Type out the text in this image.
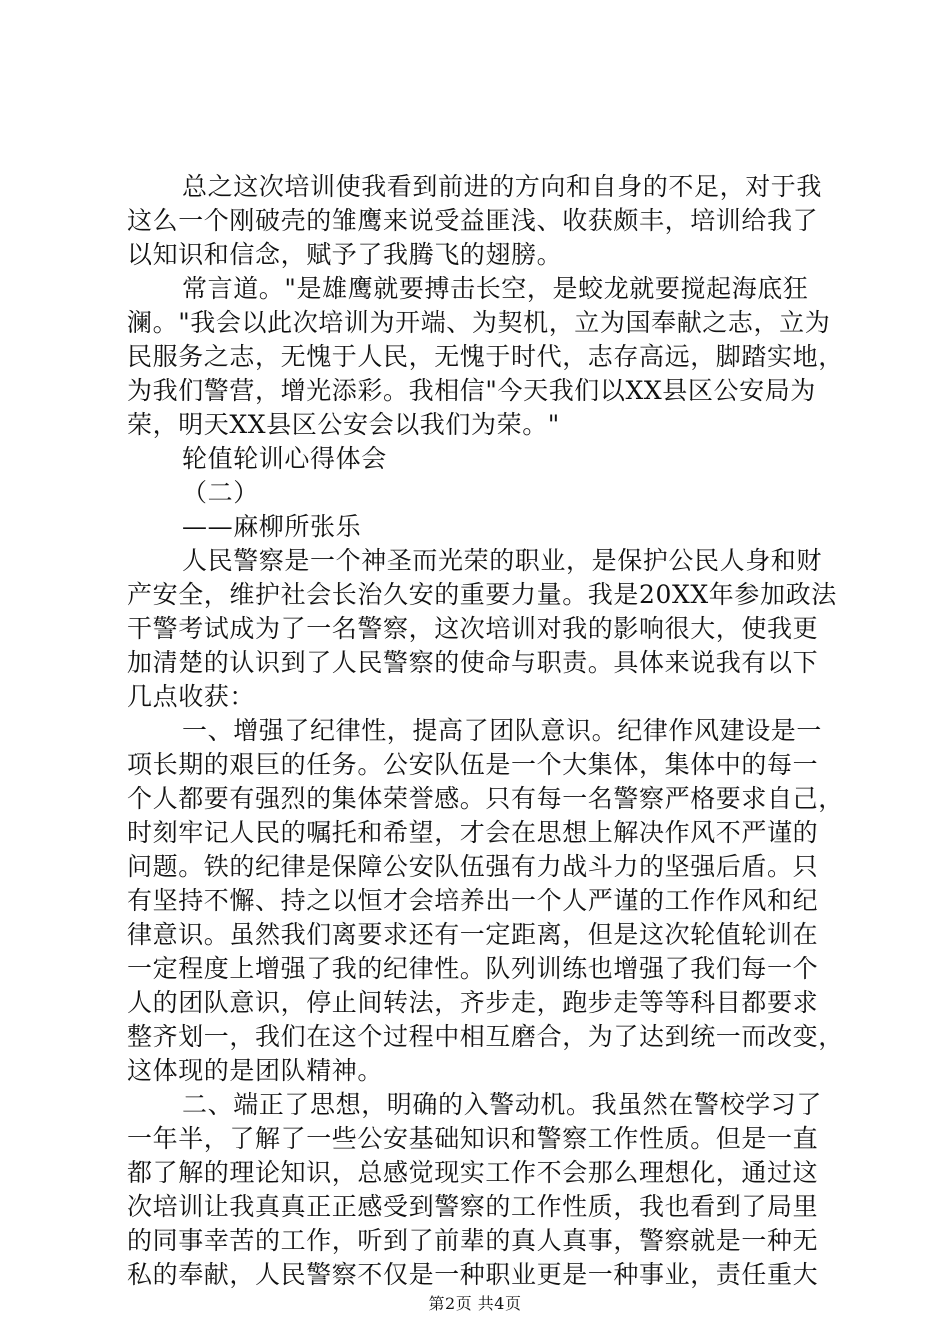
总之这次培训使我看到前进的方向和自身的不足，对于我
这么一个刚破壳的雏鹰来说受益匪浅、收获颇丰，培训给我了
以知识和信念，赋予了我腾飞的翅膀。
常言道。"是雄鹰就要搏击长空，是蛟龙就要搅起海底狂
澜。"我会以此次培训为开端、为契机，立为国奉献之志，立为
民服务之志，无愧于人民，无愧于时代，志存高远，脚踏实地，
为我们警营，增光添彩。我相信"今天我们以XX县区公安局为
荣，明天XX县区公安会以我们为荣。"
轮值轮训心得体会
（二）
——麻柳所张乐
人民警察是一个神圣而光荣的职业，是保护公民人身和财
产安全，维护社会长治久安的重要力量。我是20XX年参加政法
干警考试成为了一名警察，这次培训对我的影响很大，使我更
加清楚的认识到了人民警察的使命与职责。具体来说我有以下
几点收获：
一、增强了纪律性，提高了团队意识。纪律作风建设是一
项长期的艰巨的任务。公安队伍是一个大集体，集体中的每一
个人都要有强烈的集体荣誉感。只有每一名警察严格要求自己，
时刻牢记人民的嘱托和希望，才会在思想上解决作风不严谨的
问题。铁的纪律是保障公安队伍强有力战斗力的坚强后盾。只
有坚持不懈、持之以恒才会培养出一个人严谨的工作作风和纪
律意识。虽然我们离要求还有一定距离，但是这次轮值轮训在
一定程度上增强了我的纪律性。队列训练也增强了我们每一个
人的团队意识，停止间转法，齐步走，跑步走等等科目都要求
整齐划一，我们在这个过程中相互磨合，为了达到统一而改变，
这体现的是团队精神。
二、端正了思想，明确的入警动机。我虽然在警校学习了
一年半，了解了一些公安基础知识和警察工作性质。但是一直
都了解的理论知识，总感觉现实工作不会那么理想化，通过这
次培训让我真真正正感受到警察的工作性质，我也看到了局里
的同事幸苦的工作，听到了前辈的真人真事，警察就是一种无
私的奉献，人民警察不仅是一种职业更是一种事业，责任重大
第2页 共4页
